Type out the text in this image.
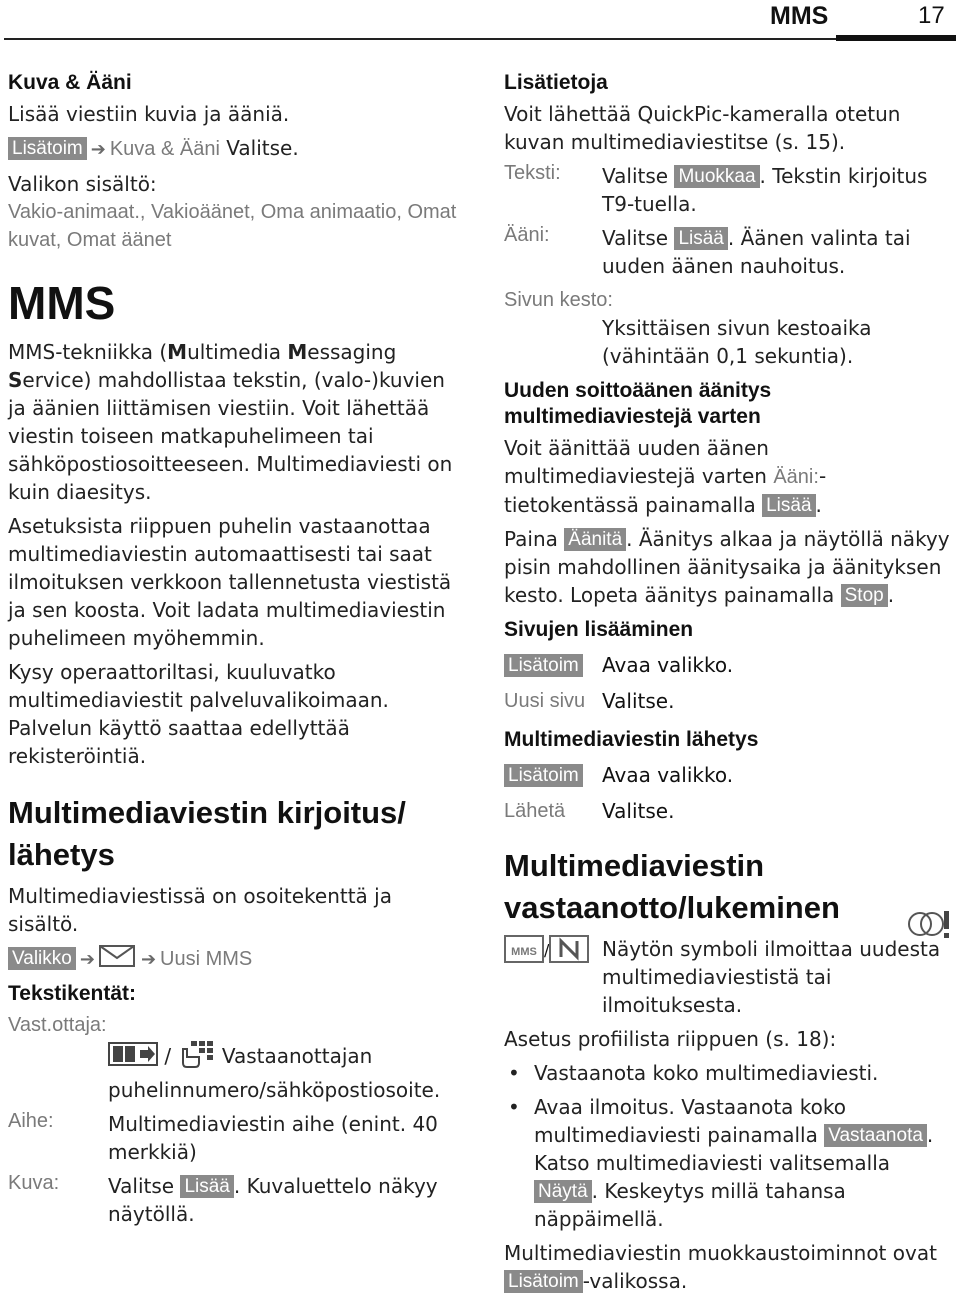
MMS	17
Kuva & Ääni

Lisää viestiin kuvia ja ääniä.

Lisätoim ➔ Kuva & Ääni Valitse.

Valikon sisältö:

Vakio-animaat., Vakioäänet, Oma animaatio, Omat kuvat, Omat äänet

MMS

MMS-tekniikka (Multimedia Messaging Service) mahdollistaa tekstin, (valo-)kuvien ja äänien liittämisen viestiin. Voit lähettää viestin toiseen matkapuhelimeen tai sähköpostiosoitteeseen. Multimediaviesti on kuin diaesitys.

Asetuksista riippuen puhelin vastaanottaa multimediaviestin automaattisesti tai saat ilmoituksen verkkoon tallennetusta viestistä ja sen koosta. Voit ladata multimediaviestin puhelimeen myöhemmin.

Kysy operaattoriltasi, kuuluvatko multimediaviestit palveluvalikoimaan. Palvelun käyttö saattaa edellyttää rekisteröintiä.

Multimediaviestin kirjoitus/ lähetys

Multimediaviestissä on osoitekenttä ja sisältö.

Valikko ➔	➔ Uusi MMS

Tekstikentät:
Vast.ottaja:
/	Vastaanottajan puhelinnumero/sähköpostiosoite.
Aihe:	Multimediaviestin aihe (enint. 40 merkkiä)
Kuva:	Valitse Lisää . Kuvaluettelo näkyy näytöllä.
Lisätietoja

Voit lähettää QuickPic-kameralla otetun kuvan multimediaviestitse (s. 15).

Teksti:	Valitse Muokkaa . Tekstin kirjoitus T9-tuella.
Ääni:	Valitse Lisää . Äänen valinta tai uuden äänen nauhoitus.
Sivun kesto:
Yksittäisen sivun kestoaika (vähintään 0,1 sekuntia).
Uuden soittoäänen äänitys multimediaviestejä varten

Voit äänittää uuden äänen multimediaviestejä varten Ääni:-tietokentässä painamalla Lisää .

Paina Äänitä . Äänitys alkaa ja näytöllä näkyy pisin mahdollinen äänitysaika ja äänityksen kesto. Lopeta äänitys painamalla Stop .

Sivujen lisääminen
Lisätoim	Avaa valikko.
Uusi sivu Valitse.
Multimediaviestin lähetys
Lisätoim	Avaa valikko.
Lähetä	Valitse.
Multimediaviestin vastaanotto/lukeminen
MMS /	Näytön symboli ilmoittaa uudesta multimediaviestistä tai ilmoituksesta.

Asetus profiilista riippuen (s. 18):

• Vastaanota koko multimediaviesti.
• Avaa ilmoitus. Vastaanota koko multimediaviesti painamalla Vastaanota . Katso multimediaviesti valitsemalla Näytä . Keskeytys millä tahansa näppäimellä.

Multimediaviestin muokkaustoiminnot ovat Lisätoim -valikossa.
